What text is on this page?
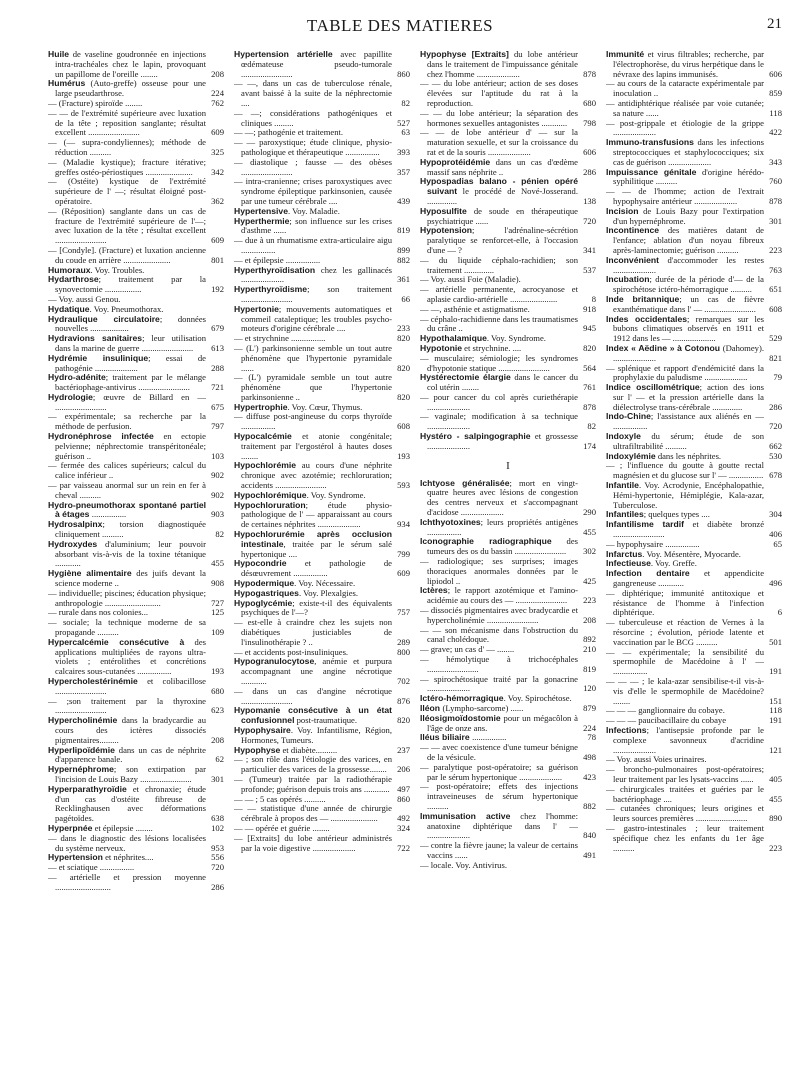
TABLE DES MATIERES	21
Huile de vaseline goudronnée en injections intra-trachéales chez le lapin, provoquant un papillome de l'oreille ........	208
Humérus (Auto-greffe) osseuse pour une large pseudarthrose.	224
— (Fracture) spiroïde ........	762
— — de l'extrémité supérieure avec luxation de la tête ; reposition sanglante; résultat excellent ........................	609
— (— supra-condyliennes); méthode de réduction ..........	325
— (Maladie kystique); fracture itérative; greffes ostéo-périostiques ......................	342
— (Ostéite) kystique de l'extrémité supérieure de l' —; résultat éloigné post-opératoire.	362
— (Réposition) sanglante dans un cas de fracture de l'extrémité supérieure de l'—; avec luxation de la tête ; résultat excellent ........................	609
— [Condyle]. (Fracture) et luxation ancienne du coude en arrière ......................	801
Humoraux. Voy. Troubles.
Hydarthrose; traitement par la synovectomie .................	192
— Voy. aussi Genou.
Hydatique. Voy. Pneumothorax.
Hydraulique circulatoire; données nouvelles ..................	679
Hydravions sanitaires; leur utilisation dans la marine de guerre ........................	613
Hydrémie insulinique; essai de pathogénie ....................	288
Hydro-adénite; traitement par le mélange bactériophage-antivirus ........................	721
Hydrologie; œuvre de Billard en — ........................	675
— expérimentale; sa recherche par la méthode de perfusion.	797
Hydronéphrose infectée en ectopie pelvienne; néphrectomie transpéritonéale; guérison ..	103
— fermée des calices supérieurs; calcul du calice inférieur ..	902
— par vaisseau anormal sur un rein en fer à cheval ..........	902
Hydro-pneumothorax spontané partiel à étages ................	903
Hydrosalpinx; torsion diagnostiquée cliniquement ..........	82
Hydroxydes d'aluminium; leur pouvoir absorbant vis-à-vis de la toxine tétanique ............	455
Hygiène alimentaire des juifs devant la science moderne ..	908
— individuelle; piscines; éducation physique; anthropologie ..........................	727
— rurale dans nos colonies...	125
— sociale; la technique moderne de sa propagande ..........	109
Hypercalcémie consécutive à des applications multipliées de rayons ultra-violets ; entérolithes et concrétions calcaires sous-cutanées ................	193
Hypercholestérinémie et colibacillose ........................	680
— ;son traitement par la thyroxine ........................	623
Hypercholinémie dans la bradycardie au cours des ictères dissociés pigmentaires.........	208
Hyperlipoïdémie dans un cas de néphrite d'apparence banale.	62
Hypernéphrome; son extirpation par l'incision de Louis Bazy ........................	301
Hyperparathyroïdie et chronaxie; étude d'un cas d'ostéite fibreuse de Recklinghausen avec déformations pagétoïdes.	638
Hyperpnée et épilepsie ........	102
— dans le diagnostic des lésions localisées du système nerveux.	953
Hypertension et néphrites....	556
— et sciatique ................	720
— artérielle et pression moyenne ..........................	286
Hypertension artérielle avec papillite œdémateuse pseudo-tumorale ........................	860
— —, dans un cas de tuberculose rénale, avant baissé à la suite de la néphrectomie ....	82
— —; considérations pathogéniques et cliniques .........	527
— —; pathogénie et traitement.	63
— — paroxystique; étude clinique, physio-pathologique et thérapeutique ................	393
— diastolique ; fausse — des obèses ........................	357
— intra-cranienne; crises paroxystiques avec syndrome épileptique parkinsonien, causée par une tumeur cérébrale ....	439
Hypertensive. Voy. Maladie.
Hyperthermie; son influence sur les crises d'asthme ......	819
— due à un rhumatisme extra-articulaire aigu ................	899
— et épilepsie ................	882
Hyperthyroïdisation chez les gallinacés ....................	361
Hyperthyroïdisme; son traitement ........................	66
Hypertonie; mouvements automatiques et commeil cataleptique; les troubles psycho-moteurs d'origine cérébrale ....	233
— et strychnine ................	820
— (L') parkinsonienne semble un tout autre phénomène que l'hypertonie pyramidale ......	820
— (L') pyramidale semble un tout autre phénomène que l'hypertonie parkinsonienne ..	820
Hypertrophie. Voy. Cœur, Thymus.
— diffuse post-angineuse du corps thyroïde ................	608
Hypocalcémie et atonie congénitale; traitement par l'ergostérol à hautes doses ........	193
Hypochlorémie au cours d'une néphrite chronique avec azotémie; rechloruration; accidents ........................	593
Hypochlorémique. Voy. Syndrome.
Hypochloruration; étude physio-pathologique de l' — apparaissant au cours de certaines néphrites ....................	934
Hypochlorurémie après occlusion intestinale, traitée par le sérum salé hypertonique ....	799
Hypocondrie et pathologie de désœuvrement ................	609
Hypodermique. Voy. Nécessaire.
Hypogastriques. Voy. Plexalgies.
Hypoglycémie; existe-t-il des équivalents psychiques de l'—?	757
— est-elle à craindre chez les sujets non diabétiques justiciables de l'insulinothérapie ? ..	289
— et accidents post-insuliniques.	800
Hypogranulocytose, anémie et purpura accompagnant une angine nécrotique ............	702
— dans un cas d'angine nécrotique ........................	876
Hypomanie consécutive à un état confusionnel post-traumatique.	820
Hypophysaire. Voy. Infantilisme, Région, Hormones, Tumeurs.
Hypophyse et diabète..........	237
— ; son rôle dans l'étiologie des varices, en particulier des varices de la grossesse........	206
— (Tumeur) traitée par la radiothérapie profonde; guérison depuis trois ans ............ 497
— — ; 5 cas opérés ..........	860
— — statistique d'une année de chirurgie cérébrale à propos des — ......................	492
— — opérée et guérie ........	324
— [Extraits] du lobe antérieur administrés par la voie digestive ....................	722
Hypophyse [Extraits] du lobe antérieur dans le traitement de l'impuissance génitale chez l'homme ....................	878
— — du lobe antérieur; action de ses doses élevées sur l'aptitude du rat à la reproduction.	680
— — du lobe antérieur; la séparation des hormones sexuelles antagonistes ............	798
— — de lobe antérieur d' — sur la maturation sexuelle, et sur la croissance du rat et de la souris ....................	606
Hypoprotéidémie dans un cas d'œdème massif sans néphrite ..	286
Hypospadias balano - pénien opéré suivant le procédé de Nové-Josserand. ..............	138
Hyposulfite de soude en thérapeutique psychiatrique ......	720
Hypotension; l'adrénaline-sécrétion paralytique se renforcet-elle, à l'occasion d'une — ?	341
— du liquide céphalo-rachidien; son traitement ..............	537
— Voy. aussi Foie (Maladie).
— artérielle permanente, acrocyanose et aplasie cardio-artérielle ......................	8
— —, asthénie et astigmatisme.	918
— céphalo-rachidienne dans les traumatismes du crâne ..	945
Hypothalamique. Voy. Syndrome.
Hypotonie et strychnine. ....	820
— musculaire; sémiologie; les syndromes d'hypotonie statique ........................	564
Hystérectomie élargie dans le cancer du col utérin ........	761
— pour cancer du col après curiethérapie ....................	878
— vaginale; modification à sa technique ....................	82
Hystéro - salpingographie et grossesse ....................	174
I
Ichtyose généralisée; mort en vingt-quatre heures avec lésions de congestion des centres nerveux et s'accompagnant d'acidose ....................	290
Ichthyotoxines; leurs propriétés antigènes ................	455
Iconographie radiographique des tumeurs des os du bassin ........................	302
— radiologique; ses surprises; images thoraciques anormales données par le lipiodol ..	425
Ictères; le rapport azotémique et l'amino-acidémie au cours des — ........................	223
— dissociés pigmentaires avec bradycardie et hypercholinémie ........................	208
— — son mécanisme dans l'obstruction du canal cholédoque.	892
— grave; un cas d' — ........	210
— hémolytique à trichocéphales ........................	819
— spirochétosique traité par la gonacrine ....................	120
Ictéro-hémorragique. Voy. Spirochétose.
Iléon (Lympho-sarcome) ......	879
Iléosigmoïdostomie pour un mégacôlon à l'âge de onze ans.	224
Iléus biliaire ................	78
— — avec coexistence d'une tumeur bénigne de la vésicule.	498
— paralytique post-opératoire; sa guérison par le sérum hypertonique ....................	423
— post-opératoire; effets des injections intraveineuses de sérum hypertonique ..........	882
Immunisation active chez l'homme: anatoxine diphtérique dans l' — ....................	840
— contre la fièvre jaune; la valeur de certains vaccins ......	491
— locale. Voy. Antivirus.
Immunité et virus filtrables; recherche, par l'électrophorèse, du virus herpétique dans le névraxe des lapins immunisés.	606
— au cours de la cataracte expérimentale par inoculation ..	859
— antidiphtérique réalisée par voie cutanée; sa nature ......	118
— post-grippale et étiologie de la grippe ....................	422
Immuno-transfusions dans les infections streptococciques et staphylococciques; six cas de guérison ....................	343
Impuissance génitale d'origine hérédo-syphilitique ..........	760
— — de l'homme; action de l'extrait hypophysaire antérieur ....................	878
Incision de Louis Bazy pour l'extirpation d'un hypernéphrome.	301
Incontinence des matières datant de l'enfance; ablation d'un noyau fibreux après-laminectomie; guérison ..........	223
Inconvénient d'accommoder les restes ....................	763
Incubation; durée de la période d'— de la spirochétose ictéro-hémorragique ..........	651
Inde britannique; un cas de fièvre exanthématique dans l' — ........................	608
Indes occidentales; remarques sur les bubons climatiques observés en 1911 et 1912 dans les — ....................	529
Index « Aëdine » à Cotonou (Dahomey). ....................	821
— splénique et rapport d'endémicité dans la prophylaxie du paludisme ....................	79
Indice oscillométrique; action des ions sur l' — et la pression artérielle dans la diélectrolyse trans-cérébrale ..............	286
Indo-Chine; l'assistance aux aliénés en — ................	720
Indoxyle du sérum; étude de son ultrafiltrabilité ..........	662
Indoxylémie dans les néphrites.	530
— ; l'influence du goutte à goutte rectal magnésien et du glucose sur l' — ................ 678
Infantile. Voy. Acrodynie, Encéphalopathie, Hémi-hypertonie, Hémiplégie, Kala-azar, Tuberculose.
Infantiles; quelques types ....	304
Infantilisme tardif et diabète bronzé ........................	406
— hypophysaire ................	65
Infarctus. Voy. Mésentère, Myocarde.
Infectieuse. Voy. Greffe.
Infection dentaire et appendicite gangreneuse ............	496
— diphtérique; immunité antitoxique et résistance de l'homme à l'infection diphtérique.	6
— tuberculeuse et réaction de Vernes à la résorcine ; évolution, période latente et vaccination par le BCG ..........	501
— — expérimentale; la sensibilité du spermophile de Macédoine à l' — ................	191
— — — ; le kala-azar sensibilise-t-il vis-à-vis d'elle le spermophile de Macédoine? ........	151
— — — ganglionnaire du cobaye.	118
— — — paucibacillaire du cobaye	191
Infections; l'antisepsie profonde par le complexe savonneux d'acridine ....................	121
— Voy. aussi Voies urinaires.
— broncho-pulmonaires post-opératoires; leur traitement par les lysats-vaccins ......	405
— chirurgicales traitées et guéries par le bactériophage ....	455
— cutanées chroniques; leurs origines et leurs sources premières ........................	890
— gastro-intestinales ; leur traitement spécifique chez les enfants du 1er âge ..........	223
